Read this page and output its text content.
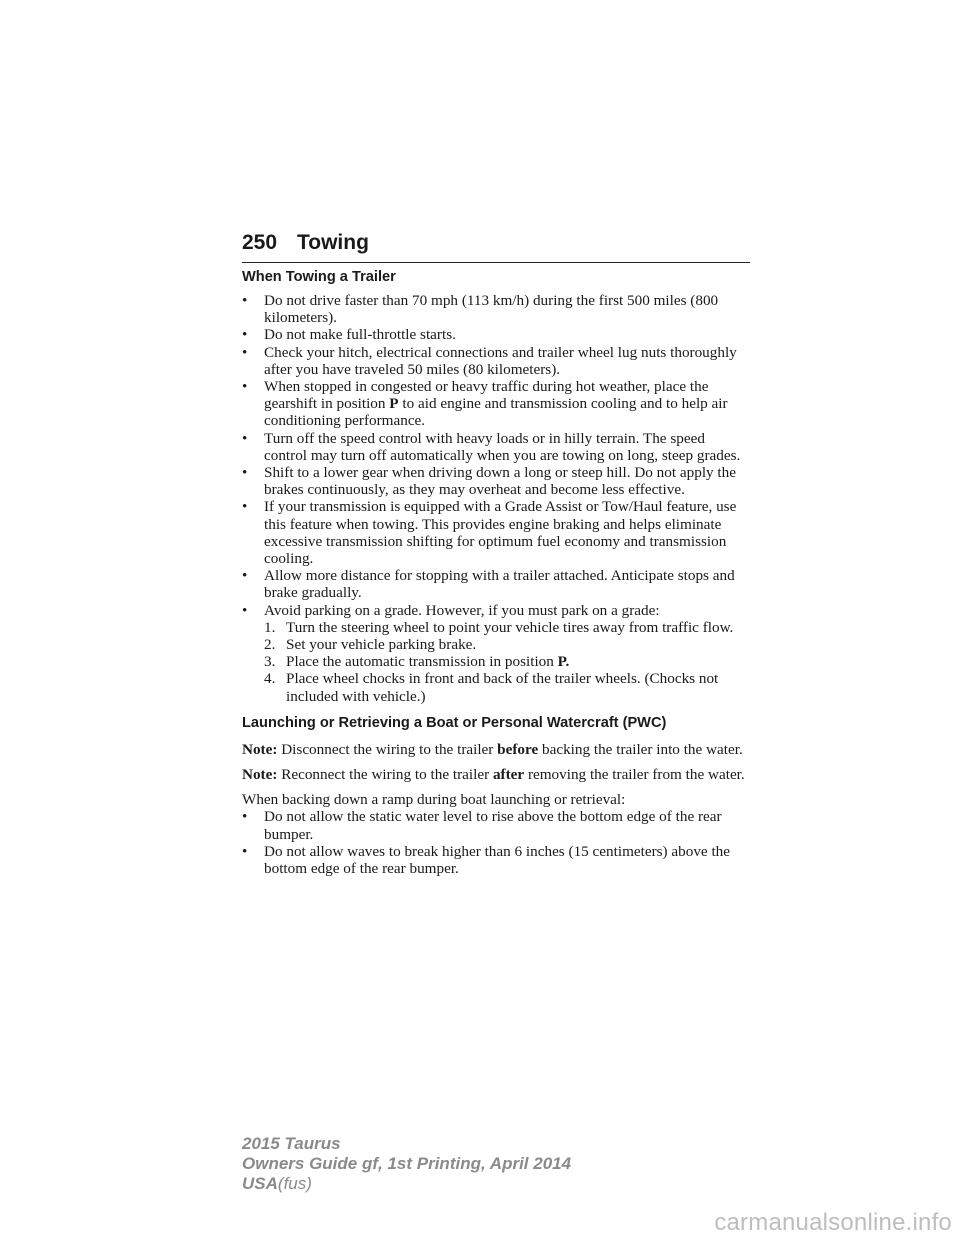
250 Towing
When Towing a Trailer
• Do not drive faster than 70 mph (113 km/h) during the first 500 miles (800 kilometers).
• Do not make full-throttle starts.
• Check your hitch, electrical connections and trailer wheel lug nuts thoroughly after you have traveled 50 miles (80 kilometers).
• When stopped in congested or heavy traffic during hot weather, place the gearshift in position P to aid engine and transmission cooling and to help air conditioning performance.
• Turn off the speed control with heavy loads or in hilly terrain. The speed control may turn off automatically when you are towing on long, steep grades.
• Shift to a lower gear when driving down a long or steep hill. Do not apply the brakes continuously, as they may overheat and become less effective.
• If your transmission is equipped with a Grade Assist or Tow/Haul feature, use this feature when towing. This provides engine braking and helps eliminate excessive transmission shifting for optimum fuel economy and transmission cooling.
• Allow more distance for stopping with a trailer attached. Anticipate stops and brake gradually.
• Avoid parking on a grade. However, if you must park on a grade:
1. Turn the steering wheel to point your vehicle tires away from traffic flow.
2. Set your vehicle parking brake.
3. Place the automatic transmission in position P.
4. Place wheel chocks in front and back of the trailer wheels. (Chocks not included with vehicle.)
Launching or Retrieving a Boat or Personal Watercraft (PWC)

Note: Disconnect the wiring to the trailer before backing the trailer into the water.

Note: Reconnect the wiring to the trailer after removing the trailer from the water.

When backing down a ramp during boat launching or retrieval:

• Do not allow the static water level to rise above the bottom edge of the rear bumper.
• Do not allow waves to break higher than 6 inches (15 centimeters) above the bottom edge of the rear bumper.
2015 Taurus
Owners Guide gf, 1st Printing, April 2014
USA(fus)
carmanualsonline.info
